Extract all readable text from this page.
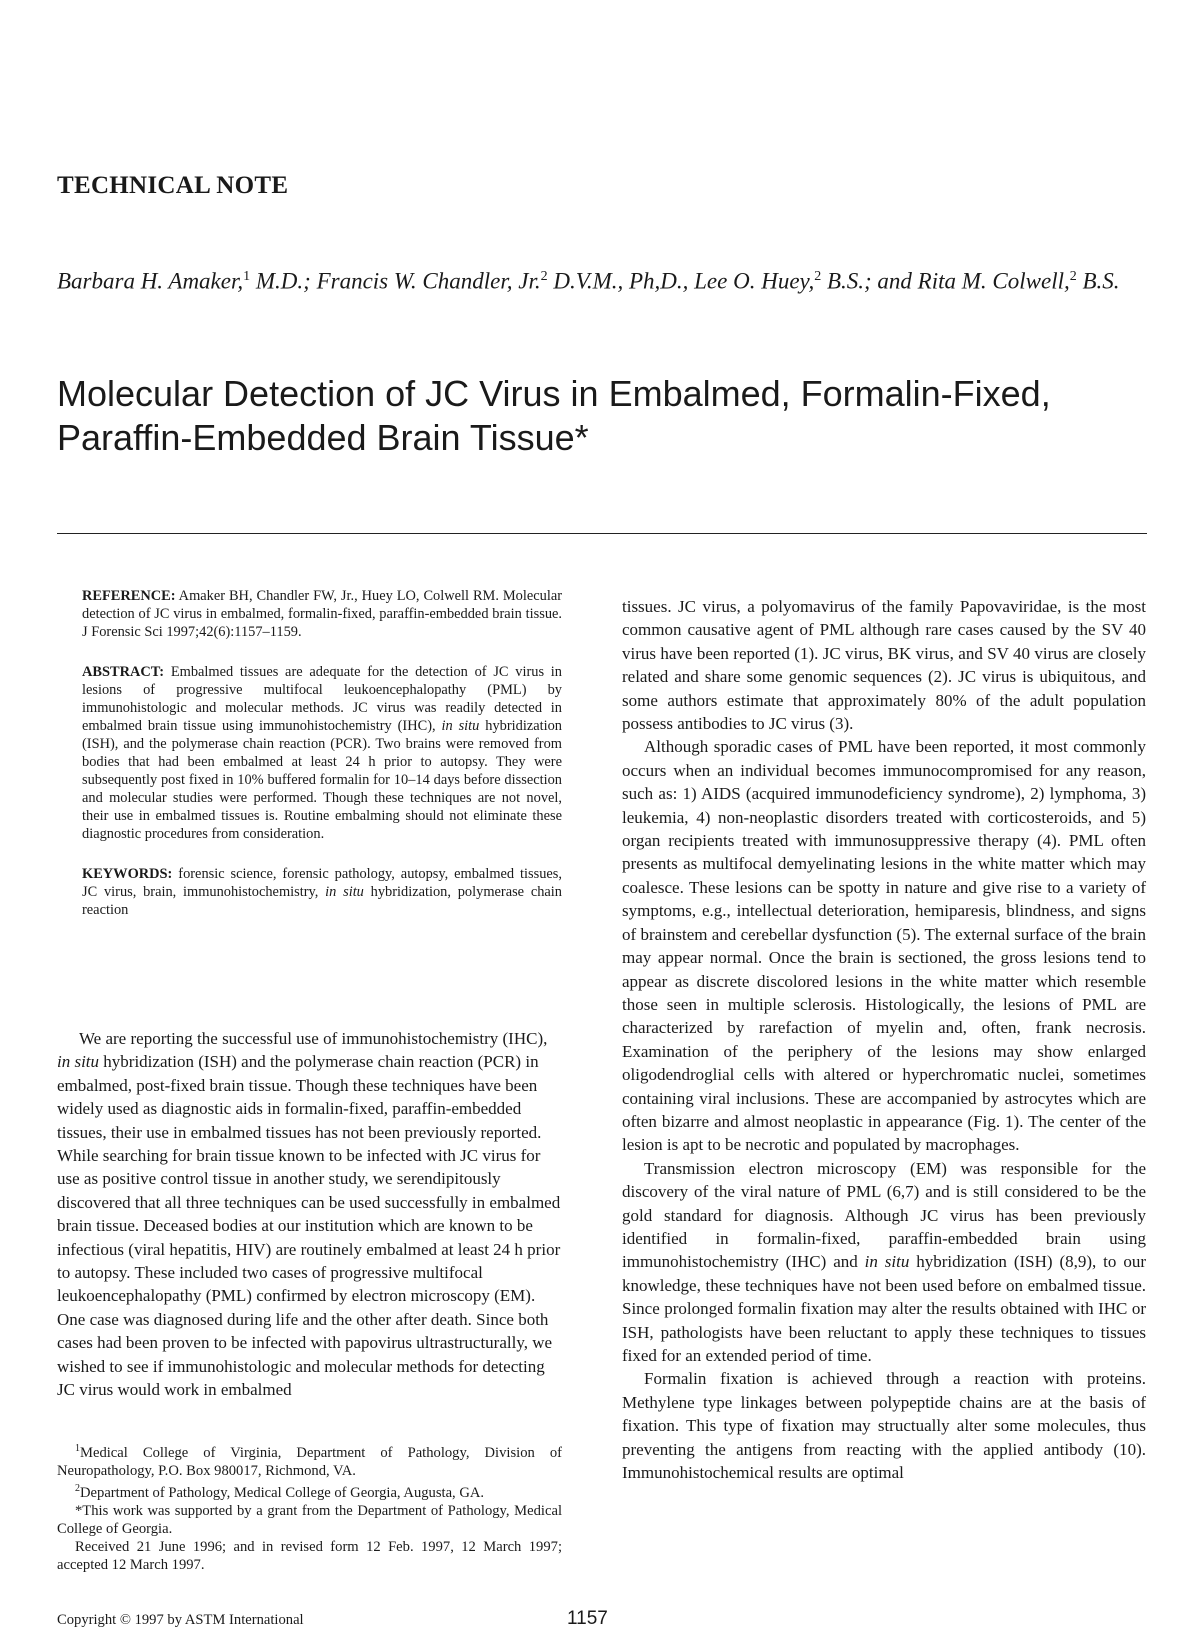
TECHNICAL NOTE
Barbara H. Amaker,$^1$ M.D.; Francis W. Chandler, Jr.$^2$ D.V.M., Ph,D., Lee O. Huey,$^2$ B.S.; and Rita M. Colwell,$^2$ B.S.
Molecular Detection of JC Virus in Embalmed, Formalin-Fixed, Paraffin-Embedded Brain Tissue*

REFERENCE: Amaker BH, Chandler FW, Jr., Huey LO, Colwell RM. Molecular detection of JC virus in embalmed, formalin-fixed, paraffin-embedded brain tissue. J Forensic Sci 1997;42(6):1157–1159.

ABSTRACT: Embalmed tissues are adequate for the detection of JC virus in lesions of progressive multifocal leukoencephalopathy (PML) by immunohistologic and molecular methods. JC virus was readily detected in embalmed brain tissue using immunohistochemistry (IHC), in situ hybridization (ISH), and the polymerase chain reaction (PCR). Two brains were removed from bodies that had been embalmed at least 24 h prior to autopsy. They were subsequently post fixed in 10% buffered formalin for 10–14 days before dissection and molecular studies were performed. Though these techniques are not novel, their use in embalmed tissues is. Routine embalming should not eliminate these diagnostic procedures from consideration.

KEYWORDS: forensic science, forensic pathology, autopsy, embalmed tissues, JC virus, brain, immunohistochemistry, in situ hybridization, polymerase chain reaction

We are reporting the successful use of immunohistochemistry (IHC), in situ hybridization (ISH) and the polymerase chain reaction (PCR) in embalmed, post-fixed brain tissue. Though these techniques have been widely used as diagnostic aids in formalin-fixed, paraffin-embedded tissues, their use in embalmed tissues has not been previously reported. While searching for brain tissue known to be infected with JC virus for use as positive control tissue in another study, we serendipitously discovered that all three techniques can be used successfully in embalmed brain tissue. Deceased bodies at our institution which are known to be infectious (viral hepatitis, HIV) are routinely embalmed at least 24 h prior to autopsy. These included two cases of progressive multifocal leukoencephalopathy (PML) confirmed by electron microscopy (EM). One case was diagnosed during life and the other after death. Since both cases had been proven to be infected with papovirus ultrastructurally, we wished to see if immunohistologic and molecular methods for detecting JC virus would work in embalmed

$^1$Medical College of Virginia, Department of Pathology, Division of Neuropathology, P.O. Box 980017, Richmond, VA.

$^2$Department of Pathology, Medical College of Georgia, Augusta, GA.

*This work was supported by a grant from the Department of Pathology, Medical College of Georgia.

Received 21 June 1996; and in revised form 12 Feb. 1997, 12 March 1997; accepted 12 March 1997.

tissues. JC virus, a polyomavirus of the family Papovaviridae, is the most common causative agent of PML although rare cases caused by the SV 40 virus have been reported (1). JC virus, BK virus, and SV 40 virus are closely related and share some genomic sequences (2). JC virus is ubiquitous, and some authors estimate that approximately 80% of the adult population possess antibodies to JC virus (3).

Although sporadic cases of PML have been reported, it most commonly occurs when an individual becomes immunocompromised for any reason, such as: 1) AIDS (acquired immunodeficiency syndrome), 2) lymphoma, 3) leukemia, 4) non-neoplastic disorders treated with corticosteroids, and 5) organ recipients treated with immunosuppressive therapy (4). PML often presents as multifocal demyelinating lesions in the white matter which may coalesce. These lesions can be spotty in nature and give rise to a variety of symptoms, e.g., intellectual deterioration, hemiparesis, blindness, and signs of brainstem and cerebellar dysfunction (5). The external surface of the brain may appear normal. Once the brain is sectioned, the gross lesions tend to appear as discrete discolored lesions in the white matter which resemble those seen in multiple sclerosis. Histologically, the lesions of PML are characterized by rarefaction of myelin and, often, frank necrosis. Examination of the periphery of the lesions may show enlarged oligodendroglial cells with altered or hyperchromatic nuclei, sometimes containing viral inclusions. These are accompanied by astrocytes which are often bizarre and almost neoplastic in appearance (Fig. 1). The center of the lesion is apt to be necrotic and populated by macrophages.

Transmission electron microscopy (EM) was responsible for the discovery of the viral nature of PML (6,7) and is still considered to be the gold standard for diagnosis. Although JC virus has been previously identified in formalin-fixed, paraffin-embedded brain using immunohistochemistry (IHC) and in situ hybridization (ISH) (8,9), to our knowledge, these techniques have not been used before on embalmed tissue. Since prolonged formalin fixation may alter the results obtained with IHC or ISH, pathologists have been reluctant to apply these techniques to tissues fixed for an extended period of time.

Formalin fixation is achieved through a reaction with proteins. Methylene type linkages between polypeptide chains are at the basis of fixation. This type of fixation may structually alter some molecules, thus preventing the antigens from reacting with the applied antibody (10). Immunohistochemical results are optimal

Copyright © 1997 by ASTM International	1157
